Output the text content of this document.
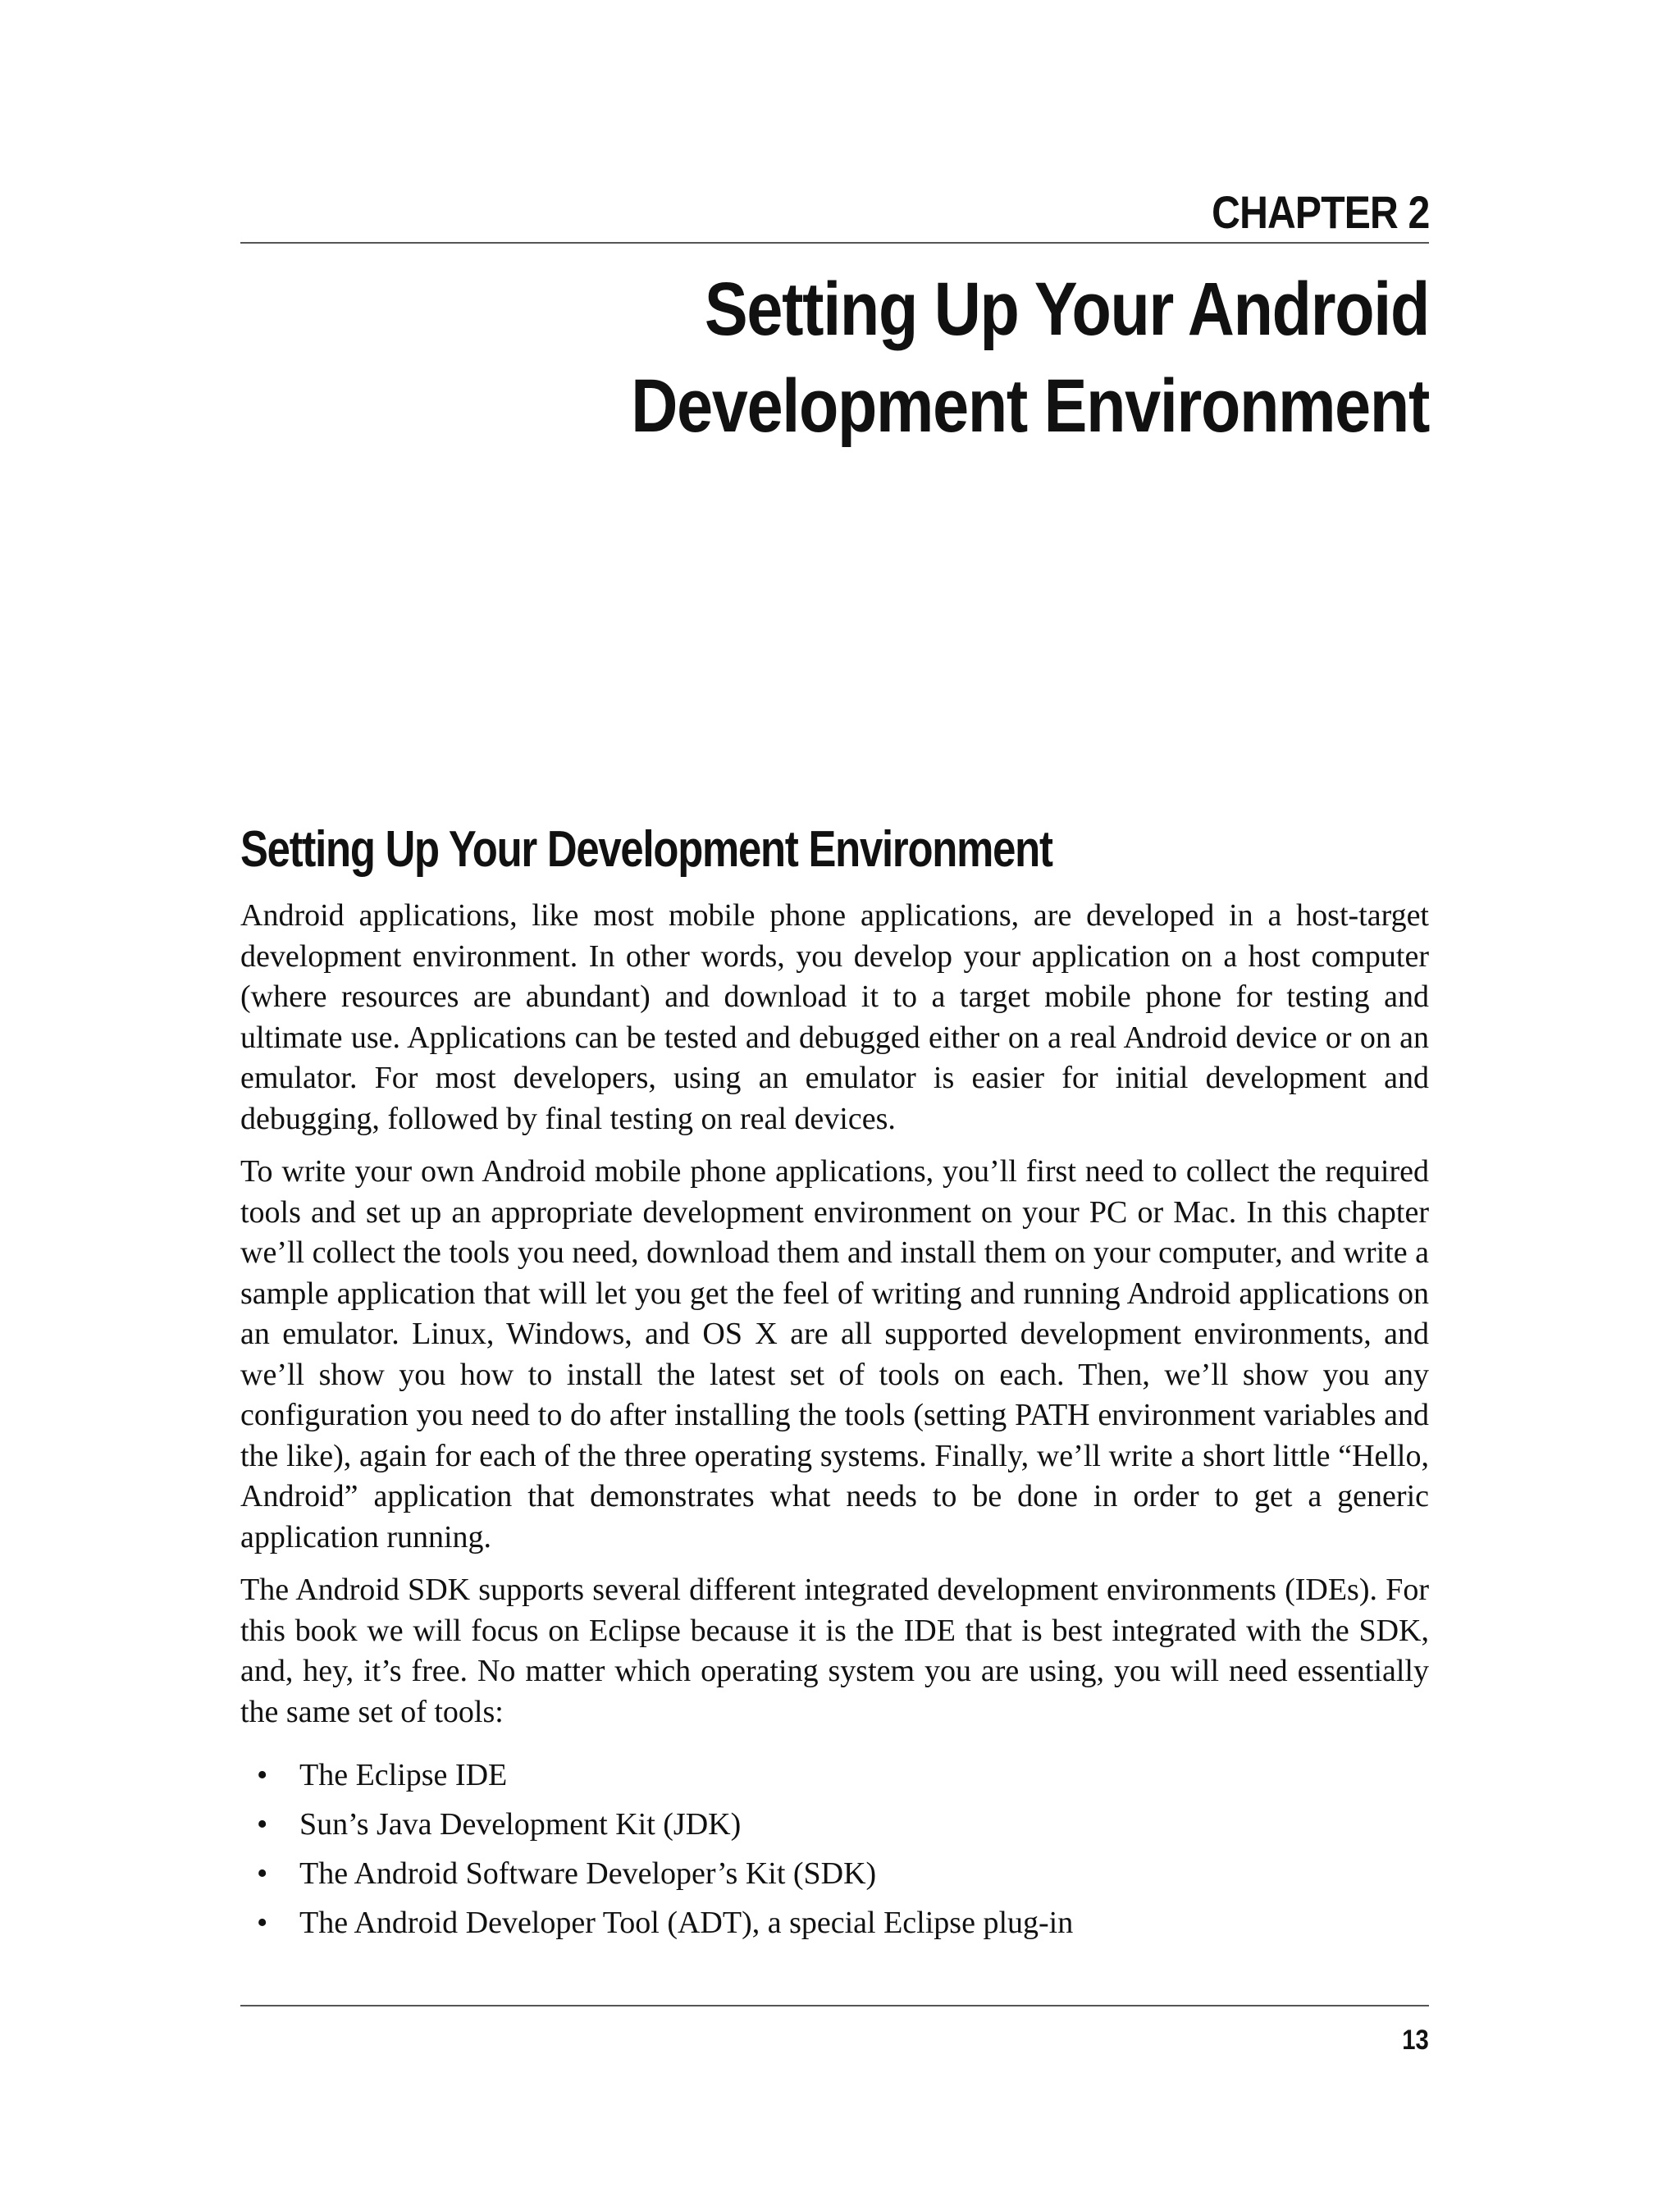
CHAPTER 2
Setting Up Your Android
Development Environment
Setting Up Your Development Environment

Android applications, like most mobile phone applications, are developed in a host-target development environment. In other words, you develop your application on a host computer (where resources are abundant) and download it to a target mobile phone for testing and ultimate use. Applications can be tested and debugged either on a real Android device or on an emulator. For most developers, using an emulator is easier for initial development and debugging, followed by final testing on real devices.

To write your own Android mobile phone applications, you’ll first need to collect the required tools and set up an appropriate development environment on your PC or Mac. In this chapter we’ll collect the tools you need, download them and install them on your computer, and write a sample application that will let you get the feel of writing and running Android applications on an emulator. Linux, Windows, and OS X are all supported development environments, and we’ll show you how to install the latest set of tools on each. Then, we’ll show you any configuration you need to do after installing the tools (setting PATH environment variables and the like), again for each of the three operating systems. Finally, we’ll write a short little “Hello, Android” application that demonstrates what needs to be done in order to get a generic application running.

The Android SDK supports several different integrated development environments (IDEs). For this book we will focus on Eclipse because it is the IDE that is best integrated with the SDK, and, hey, it’s free. No matter which operating system you are using, you will need essentially the same set of tools:

• The Eclipse IDE
• Sun’s Java Development Kit (JDK)
• The Android Software Developer’s Kit (SDK)
• The Android Developer Tool (ADT), a special Eclipse plug-in
13
